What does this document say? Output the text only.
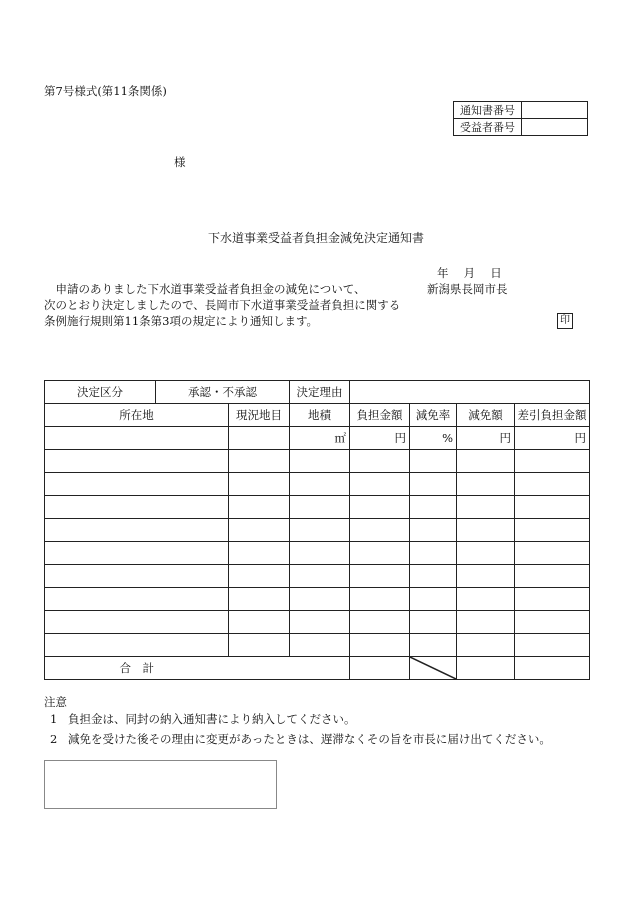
第7号様式(第11条関係)
通知書番号	
受益者番号	
様
下水道事業受益者負担金減免決定通知書
年　 月　 日
新潟県長岡市長
　申請のありました下水道事業受益者負担金の減免について、
次のとおり決定しましたので、長岡市下水道事業受益者負担に関する
条例施行規則第11条第3項の規定により通知します。	印
決定区分	承認・不承認		決定理由				
所在地		現況地目	地積	負担金額	減免率	減免額	差引負担金額
			㎡	円	%	円	円

合　計			

注意
1 負担金は、同封の納入通知書により納入してください。
2 減免を受けた後その理由に変更があったときは、遅滞なくその旨を市長に届け出てください。
